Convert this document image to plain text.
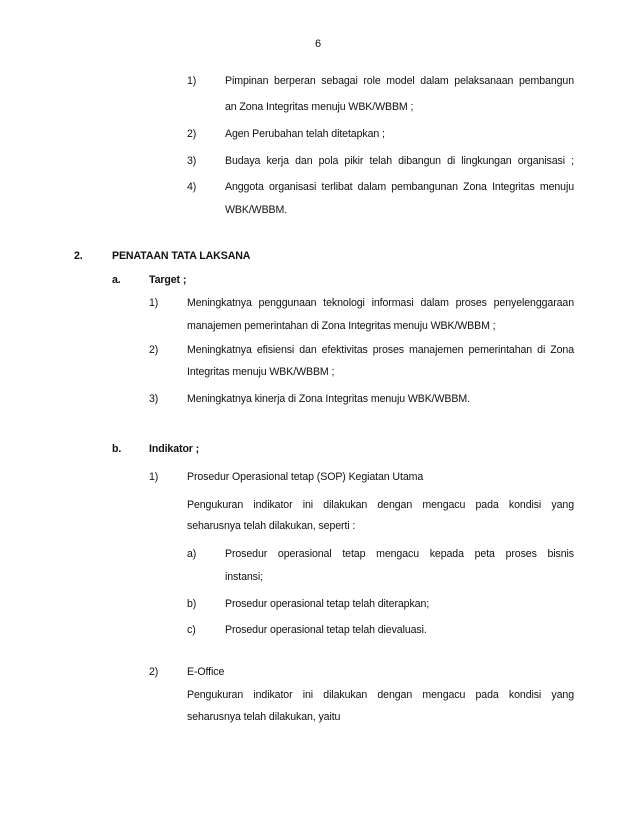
6
1)	Pimpinan berperan sebagai role model dalam pelaksanaan pembangun
an Zona Integritas menuju WBK/WBBM ;
2)	Agen Perubahan telah ditetapkan ;
3)	Budaya kerja dan pola pikir telah dibangun di lingkungan organisasi ;
4)	Anggota organisasi terlibat dalam pembangunan Zona Integritas menuju
WBK/WBBM.
2.	PENATAAN TATA LAKSANA
a.	Target ;
1)	Meningkatnya penggunaan teknologi informasi dalam proses penyelenggaraan
manajemen pemerintahan di Zona Integritas menuju WBK/WBBM ;
2)	Meningkatnya efisiensi dan efektivitas proses manajemen pemerintahan di Zona
Integritas menuju WBK/WBBM ;
3)	Meningkatnya kinerja di Zona Integritas menuju WBK/WBBM.
b.	Indikator ;
1)	Prosedur Operasional tetap (SOP) Kegiatan Utama
Pengukuran indikator ini dilakukan dengan mengacu pada kondisi yang
seharusnya telah dilakukan, seperti :
a)	Prosedur operasional tetap mengacu kepada peta proses bisnis
instansi;
b)	Prosedur operasional tetap telah diterapkan;
c)	Prosedur operasional tetap telah dievaluasi.
2)	E-Office
Pengukuran indikator ini dilakukan dengan mengacu pada kondisi yang
seharusnya telah dilakukan, yaitu
